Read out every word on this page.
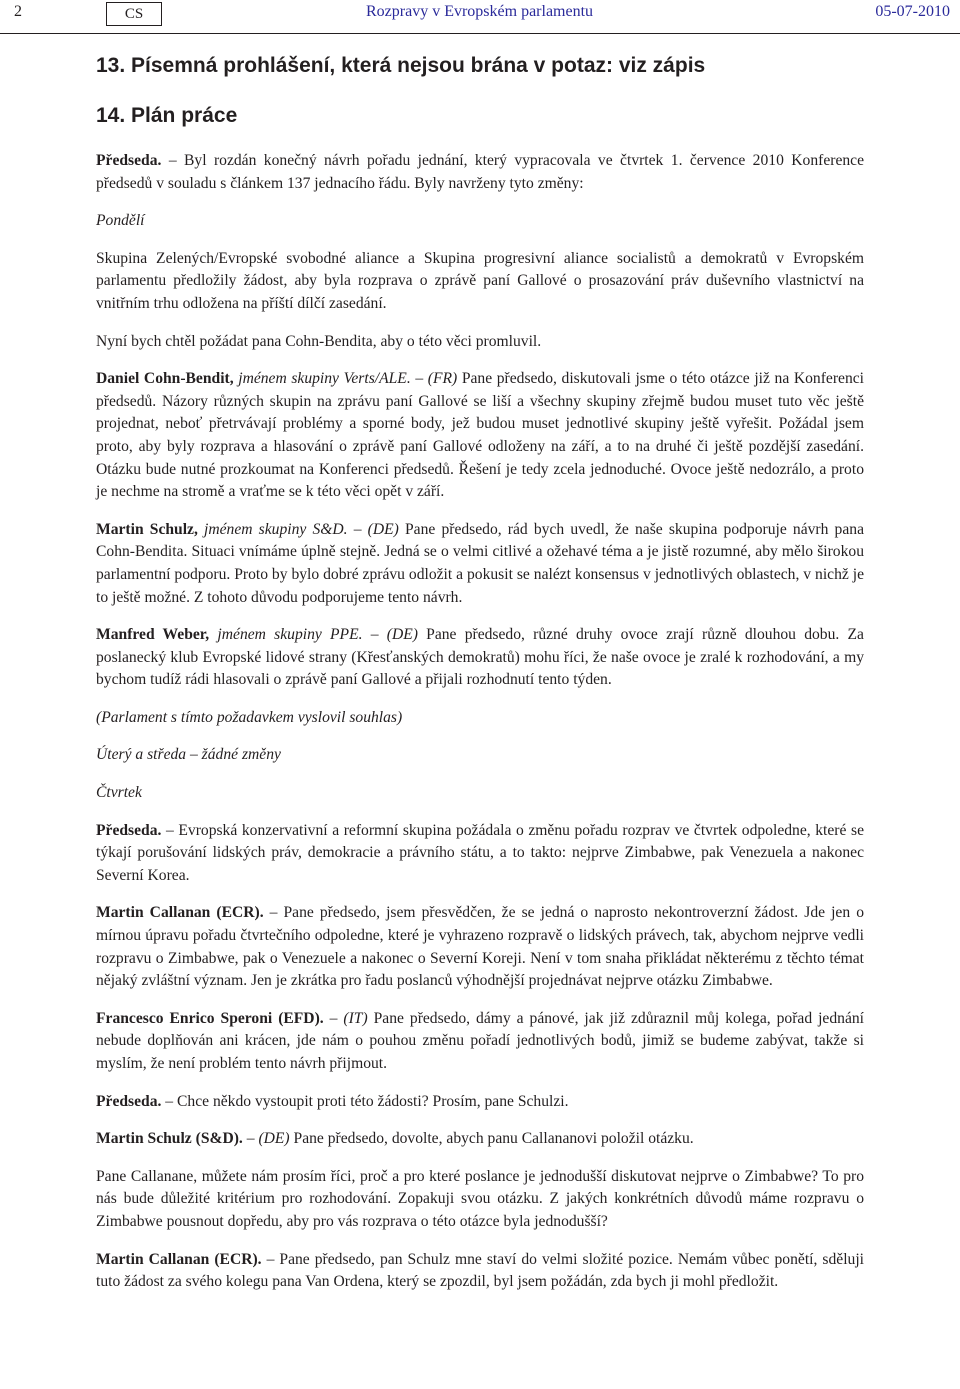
2	CS	Rozpravy v Evropském parlamentu	05-07-2010
13. Písemná prohlášení, která nejsou brána v potaz: viz zápis
14. Plán práce

Předseda. – Byl rozdán konečný návrh pořadu jednání, který vypracovala ve čtvrtek 1. července 2010 Konference předsedů v souladu s článkem 137 jednacího řádu. Byly navrženy tyto změny:

Pondělí

Skupina Zelených/Evropské svobodné aliance a Skupina progresivní aliance socialistů a demokratů v Evropském parlamentu předložily žádost, aby byla rozprava o zprávě paní Gallové o prosazování práv duševního vlastnictví na vnitřním trhu odložena na příští dílčí zasedání.

Nyní bych chtěl požádat pana Cohn-Bendita, aby o této věci promluvil.

Daniel Cohn-Bendit, jménem skupiny Verts/ALE. – (FR) Pane předsedo, diskutovali jsme o této otázce již na Konferenci předsedů. Názory různých skupin na zprávu paní Gallové se liší a všechny skupiny zřejmě budou muset tuto věc ještě projednat, neboť přetrvávají problémy a sporné body, jež budou muset jednotlivé skupiny ještě vyřešit. Požádal jsem proto, aby byly rozprava a hlasování o zprávě paní Gallové odloženy na září, a to na druhé či ještě pozdější zasedání. Otázku bude nutné prozkoumat na Konferenci předsedů. Řešení je tedy zcela jednoduché. Ovoce ještě nedozrálo, a proto je nechme na stromě a vraťme se k této věci opět v září.

Martin Schulz, jménem skupiny S&D. – (DE) Pane předsedo, rád bych uvedl, že naše skupina podporuje návrh pana Cohn-Bendita. Situaci vnímáme úplně stejně. Jedná se o velmi citlivé a ožehavé téma a je jistě rozumné, aby mělo širokou parlamentní podporu. Proto by bylo dobré zprávu odložit a pokusit se nalézt konsensus v jednotlivých oblastech, v nichž je to ještě možné. Z tohoto důvodu podporujeme tento návrh.

Manfred Weber, jménem skupiny PPE. – (DE) Pane předsedo, různé druhy ovoce zrají různě dlouhou dobu. Za poslanecký klub Evropské lidové strany (Křesťanských demokratů) mohu říci, že naše ovoce je zralé k rozhodování, a my bychom tudíž rádi hlasovali o zprávě paní Gallové a přijali rozhodnutí tento týden.

(Parlament s tímto požadavkem vyslovil souhlas)

Úterý a středa – žádné změny

Čtvrtek

Předseda. – Evropská konzervativní a reformní skupina požádala o změnu pořadu rozprav ve čtvrtek odpoledne, které se týkají porušování lidských práv, demokracie a právního státu, a to takto: nejprve Zimbabwe, pak Venezuela a nakonec Severní Korea.

Martin Callanan (ECR). – Pane předsedo, jsem přesvědčen, že se jedná o naprosto nekontroverzní žádost. Jde jen o mírnou úpravu pořadu čtvrtečního odpoledne, které je vyhrazeno rozpravě o lidských právech, tak, abychom nejprve vedli rozpravu o Zimbabwe, pak o Venezuele a nakonec o Severní Koreji. Není v tom snaha přikládat některému z těchto témat nějaký zvláštní význam. Jen je zkrátka pro řadu poslanců výhodnější projednávat nejprve otázku Zimbabwe.

Francesco Enrico Speroni (EFD). – (IT) Pane předsedo, dámy a pánové, jak již zdůraznil můj kolega, pořad jednání nebude doplňován ani krácen, jde nám o pouhou změnu pořadí jednotlivých bodů, jimiž se budeme zabývat, takže si myslím, že není problém tento návrh přijmout.

Předseda. – Chce někdo vystoupit proti této žádosti? Prosím, pane Schulzi.

Martin Schulz (S&D). – (DE) Pane předsedo, dovolte, abych panu Callananovi položil otázku.

Pane Callanane, můžete nám prosím říci, proč a pro které poslance je jednodušší diskutovat nejprve o Zimbabwe? To pro nás bude důležité kritérium pro rozhodování. Zopakuji svou otázku. Z jakých konkrétních důvodů máme rozpravu o Zimbabwe pousnout dopředu, aby pro vás rozprava o této otázce byla jednodušší?

Martin Callanan (ECR). – Pane předsedo, pan Schulz mne staví do velmi složité pozice. Nemám vůbec ponětí, sděluji tuto žádost za svého kolegu pana Van Ordena, který se zpozdil, byl jsem požádán, zda bych ji mohl předložit.
